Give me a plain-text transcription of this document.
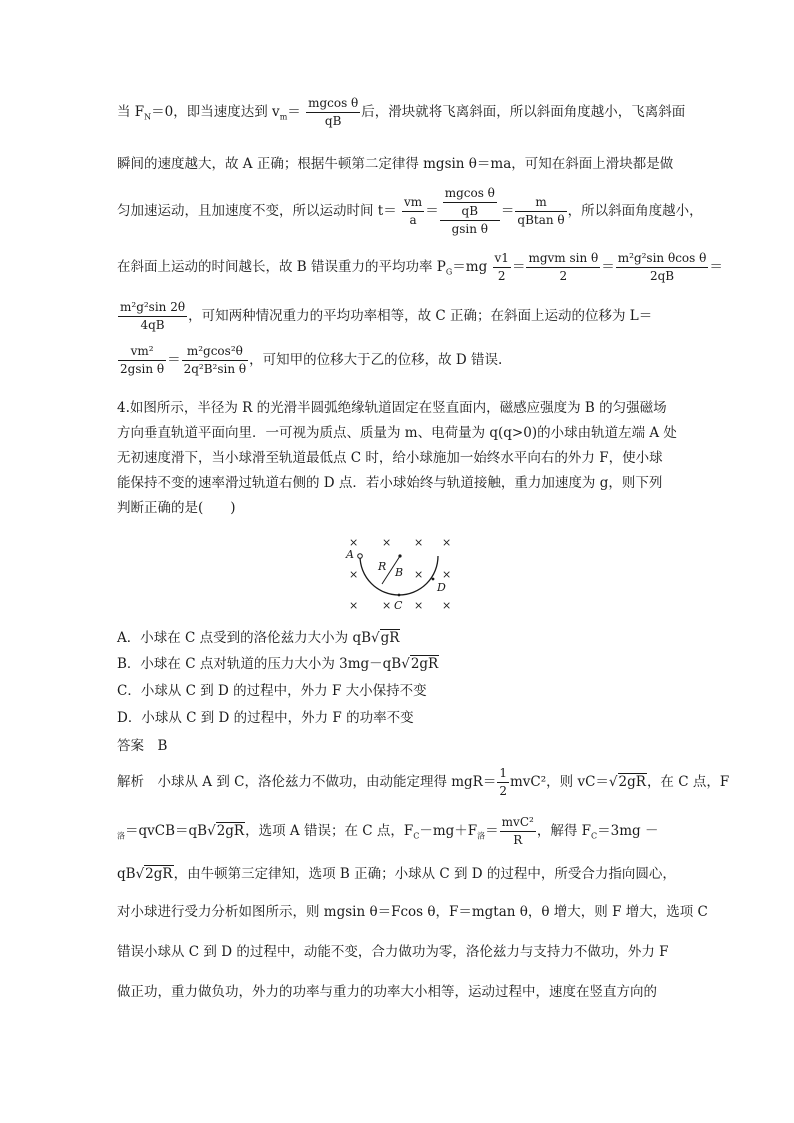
当 $F_N=0$，即当速度达到 $v_m= \frac{\text{mgcos θ}}{qB}$ 后，滑块就将飞离斜面，所以斜面角度越小，飞离斜面
瞬间的速度越大，故 A 正确；根据牛顿第二定律得 mgsin θ＝ma，可知在斜面上滑块都是做
匀加速运动，且加速度不变，所以运动时间 $t= \frac{vm}{a} = \frac{\frac{\text{mgcos θ}}{qB}}{\text{gsin θ}} = \frac{m}{\text{qBtan θ}}$ ，所以斜面角度越小，
在斜面上运动的时间越长，故 B 错误重力的平均功率 $P_G=mg \frac{v1}{2} = \frac{\text{mgvm sin θ}}{2} = \frac{\text{m²g²sin θcos θ}}{2qB}$ ＝
$\frac{\text{m²g²sin 2θ}}{4qB}$ ，可知两种情况重力的平均功率相等，故 C 正确；在斜面上运动的位移为 L＝
$\frac{\text{vm²}}{\text{2gsin θ}} = \frac{\text{m²gcos²θ}}{\text{2q²B²sin θ}}$ ，可知甲的位移大于乙的位移，故 D 错误.
4.如图所示，半径为 R 的光滑半圆弧绝缘轨道固定在竖直面内，磁感应强度为 B 的匀强磁场
方向垂直轨道平面向里．一可视为质点、质量为 m、电荷量为 q(q>0)的小球由轨道左端 A 处
无初速度滑下，当小球滑至轨道最低点 C 时，给小球施加一始终水平向右的外力 F，使小球
能保持不变的速率滑过轨道右侧的 D 点．若小球始终与轨道接触，重力加速度为 g，则下列
判断正确的是(　　)
× × × ×
×	× ×
× × × ×
A
R B
D
C
A．小球在 C 点受到的洛伦兹力大小为 qB√gR
B．小球在 C 点对轨道的压力大小为 3mg－qB√2gR
C．小球从 C 到 D 的过程中，外力 F 大小保持不变
D．小球从 C 到 D 的过程中，外力 F 的功率不变
答案　B
解析　小球从 A 到 C，洛伦兹力不做功，由动能定理得 $mgR= \frac{1}{2} mvC^2$，则 vC＝√2gR，在 C 点，F
$_洛$＝qvCB＝qB√2gR，选项 A 错误；在 C 点，$F_C-mg+F_洛= \frac{\text{mvC²}}{R}$ ，解得 $F_C=3mg$ －
qB√2gR，由牛顿第三定律知，选项 B 正确；小球从 C 到 D 的过程中，所受合力指向圆心，
对小球进行受力分析如图所示，则 mgsin θ＝Fcos θ，F＝mgtan θ，θ 增大，则 F 增大，选项 C
错误小球从 C 到 D 的过程中，动能不变，合力做功为零，洛伦兹力与支持力不做功，外力 F
做正功，重力做负功，外力的功率与重力的功率大小相等，运动过程中，速度在竖直方向的
